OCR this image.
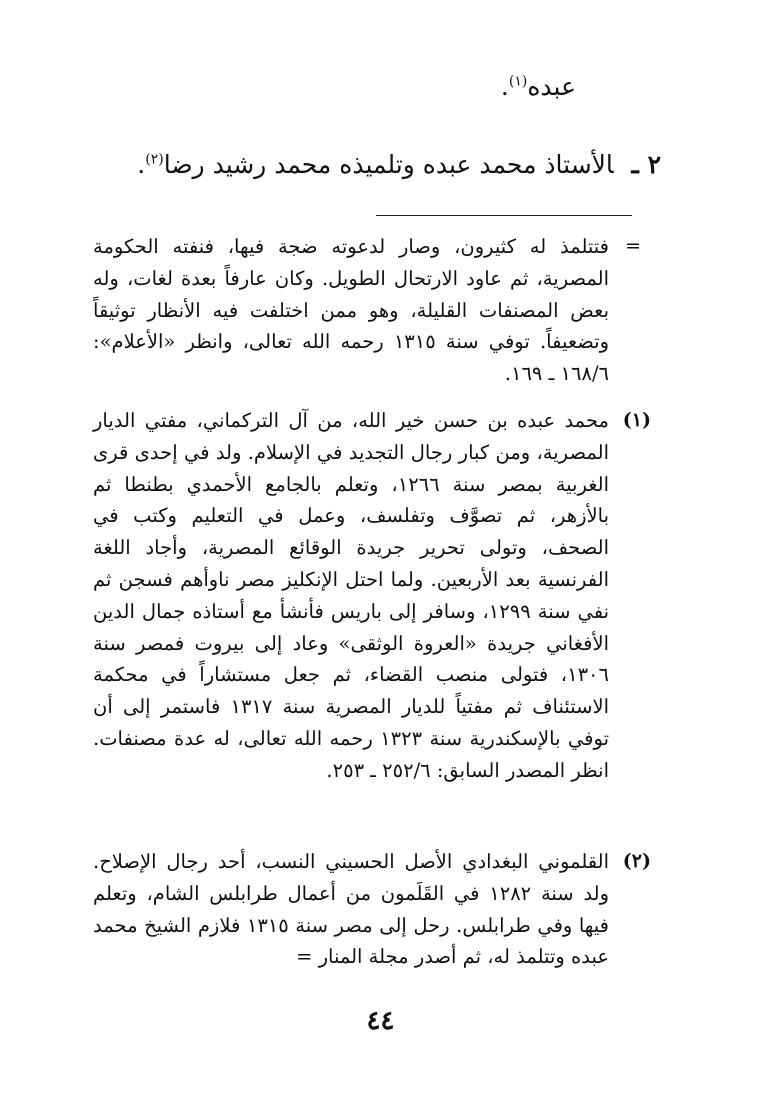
عبده$^{(١)}$.
٢ ـالأستاذ محمد عبده وتلميذه محمد رشيد رضا$^{(٢)}$.
=
فتتلمذ له كثيرون، وصار لدعوته ضجة فيها، فنفته الحكومة المصرية، ثم عاود الارتحال الطويل. وكان عارفاً بعدة لغات، وله بعض المصنفات القليلة، وهو ممن اختلفت فيه الأنظار توثيقاً وتضعيفاً. توفي سنة ١٣١٥ رحمه الله تعالى، وانظر «الأعلام»: ١٦٨/٦ ـ ١٦٩.
(١)
محمد عبده بن حسن خير الله، من آل التركماني، مفتي الديار المصرية، ومن كبار رجال التجديد في الإسلام. ولد في إحدى قرى الغربية بمصر سنة ١٢٦٦، وتعلم بالجامع الأحمدي بطنطا ثم بالأزهر، ثم تصوَّف وتفلسف، وعمل في التعليم وكتب في الصحف، وتولى تحرير جريدة الوقائع المصرية، وأجاد اللغة الفرنسية بعد الأربعين. ولما احتل الإنكليز مصر ناوأهم فسجن ثم نفي سنة ١٢٩٩، وسافر إلى باريس فأنشأ مع أستاذه جمال الدين الأفغاني جريدة «العروة الوثقى» وعاد إلى بيروت فمصر سنة ١٣٠٦، فتولى منصب القضاء، ثم جعل مستشاراً في محكمة الاستئناف ثم مفتياً للديار المصرية سنة ١٣١٧ فاستمر إلى أن توفي بالإسكندرية سنة ١٣٢٣ رحمه الله تعالى، له عدة مصنفات. انظر المصدر السابق: ٢٥٢/٦ ـ ٢٥٣.
(٢)
القلموني البغدادي الأصل الحسيني النسب، أحد رجال الإصلاح. ولد سنة ١٢٨٢ في القَلَمون من أعمال طرابلس الشام، وتعلم فيها وفي طرابلس. رحل إلى مصر سنة ١٣١٥ فلازم الشيخ محمد عبده وتتلمذ له، ثم أصدر مجلة المنار =
٤٤
